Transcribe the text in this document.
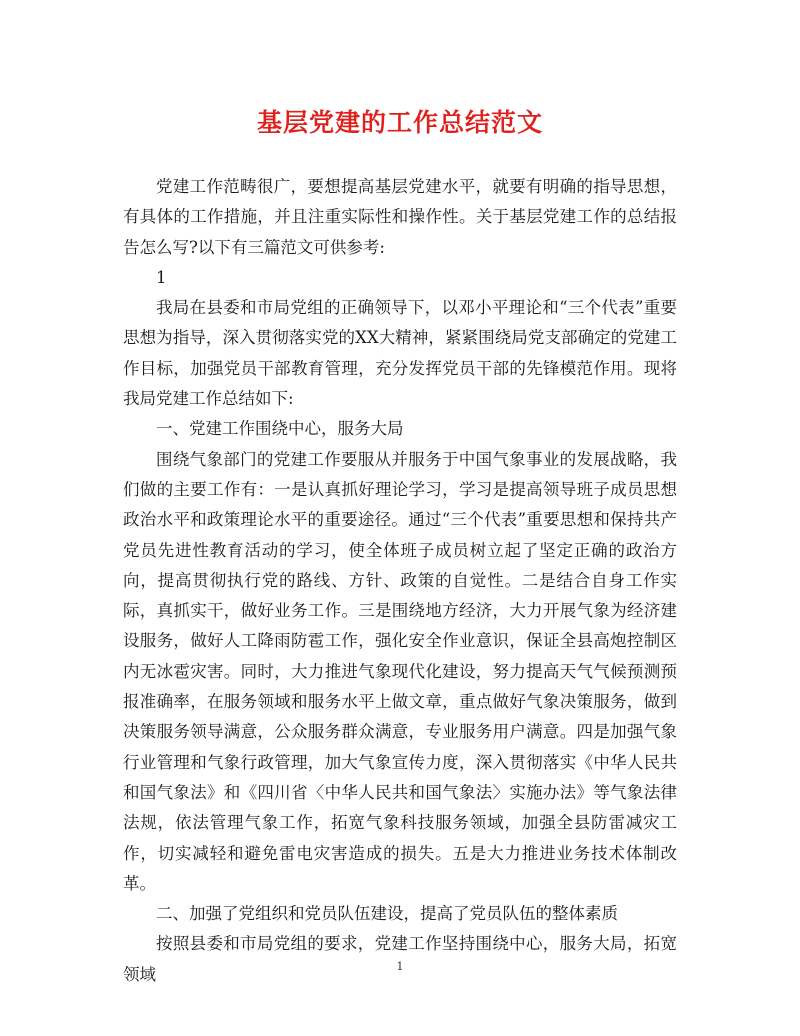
基层党建的工作总结范文

党建工作范畴很广，要想提高基层党建水平，就要有明确的指导思想，有具体的工作措施，并且注重实际性和操作性。关于基层党建工作的总结报告怎么写?以下有三篇范文可供参考:

1

我局在县委和市局党组的正确领导下，以邓小平理论和“三个代表”重要思想为指导，深入贯彻落实党的XX大精神，紧紧围绕局党支部确定的党建工作目标，加强党员干部教育管理，充分发挥党员干部的先锋模范作用。现将我局党建工作总结如下:

一、党建工作围绕中心，服务大局

围绕气象部门的党建工作要服从并服务于中国气象事业的发展战略，我们做的主要工作有：一是认真抓好理论学习，学习是提高领导班子成员思想政治水平和政策理论水平的重要途径。通过“三个代表”重要思想和保持共产党员先进性教育活动的学习，使全体班子成员树立起了坚定正确的政治方向，提高贯彻执行党的路线、方针、政策的自觉性。二是结合自身工作实际，真抓实干，做好业务工作。三是围绕地方经济，大力开展气象为经济建设服务，做好人工降雨防雹工作，强化安全作业意识，保证全县高炮控制区内无冰雹灾害。同时，大力推进气象现代化建设，努力提高天气气候预测预报准确率，在服务领域和服务水平上做文章，重点做好气象决策服务，做到决策服务领导满意，公众服务群众满意，专业服务用户满意。四是加强气象行业管理和气象行政管理，加大气象宣传力度，深入贯彻落实《中华人民共和国气象法》和《四川省〈中华人民共和国气象法〉实施办法》等气象法律法规，依法管理气象工作，拓宽气象科技服务领域，加强全县防雷减灾工作，切实减轻和避免雷电灾害造成的损失。五是大力推进业务技术体制改革。

二、加强了党组织和党员队伍建设，提高了党员队伍的整体素质

按照县委和市局党组的要求，党建工作坚持围绕中心，服务大局，拓宽领域	1
